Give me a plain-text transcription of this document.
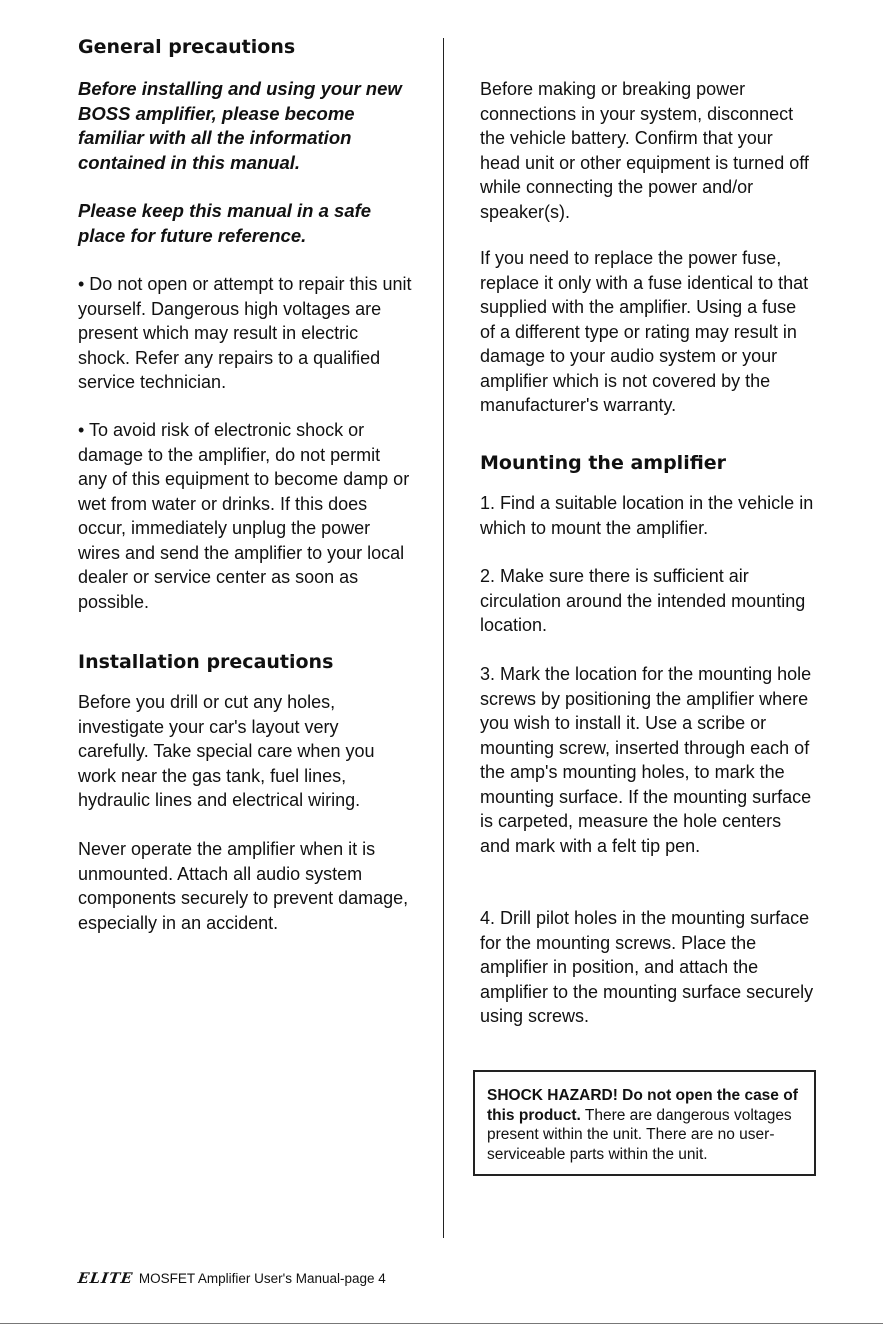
General precautions

Before installing and using your new BOSS amplifier, please become familiar with all the information contained in this manual.

Please keep this manual in a safe place for future reference.

• Do not open or attempt to repair this unit yourself. Dangerous high voltages are present which may result in electric shock. Refer any repairs to a qualified service technician.

• To avoid risk of electronic shock or damage to the amplifier, do not permit any of this equipment to become damp or wet from water or drinks. If this does occur, immediately unplug the power wires and send the amplifier to your local dealer or service center as soon as possible.

Installation precautions

Before you drill or cut any holes, investigate your car's layout very carefully. Take special care when you work near the gas tank, fuel lines, hydraulic lines and electrical wiring.

Never operate the amplifier when it is unmounted. Attach all audio system components securely to prevent damage, especially in an accident.

Before making or breaking power connections in your system, disconnect the vehicle battery. Confirm that your head unit or other equipment is turned off while connecting the power and/or speaker(s).

If you need to replace the power fuse, replace it only with a fuse identical to that supplied with the amplifier. Using a fuse of a different type or rating may result in damage to your audio system or your amplifier which is not covered by the manufacturer's warranty.

Mounting the amplifier

1. Find a suitable location in the vehicle in which to mount the amplifier.

2. Make sure there is sufficient air circulation around the intended mounting location.

3. Mark the location for the mounting hole screws by positioning the amplifier where you wish to install it. Use a scribe or mounting screw, inserted through each of the amp's mounting holes, to mark the mounting surface. If the mounting surface is carpeted, measure the hole centers and mark with a felt tip pen.

4. Drill pilot holes in the mounting surface for the mounting screws. Place the amplifier in position, and attach the amplifier to the mounting surface securely using screws.

SHOCK HAZARD! Do not open the case of this product. There are dangerous voltages present within the unit. There are no user-serviceable parts within the unit.
ELITE MOSFET Amplifier User's Manual-page 4
